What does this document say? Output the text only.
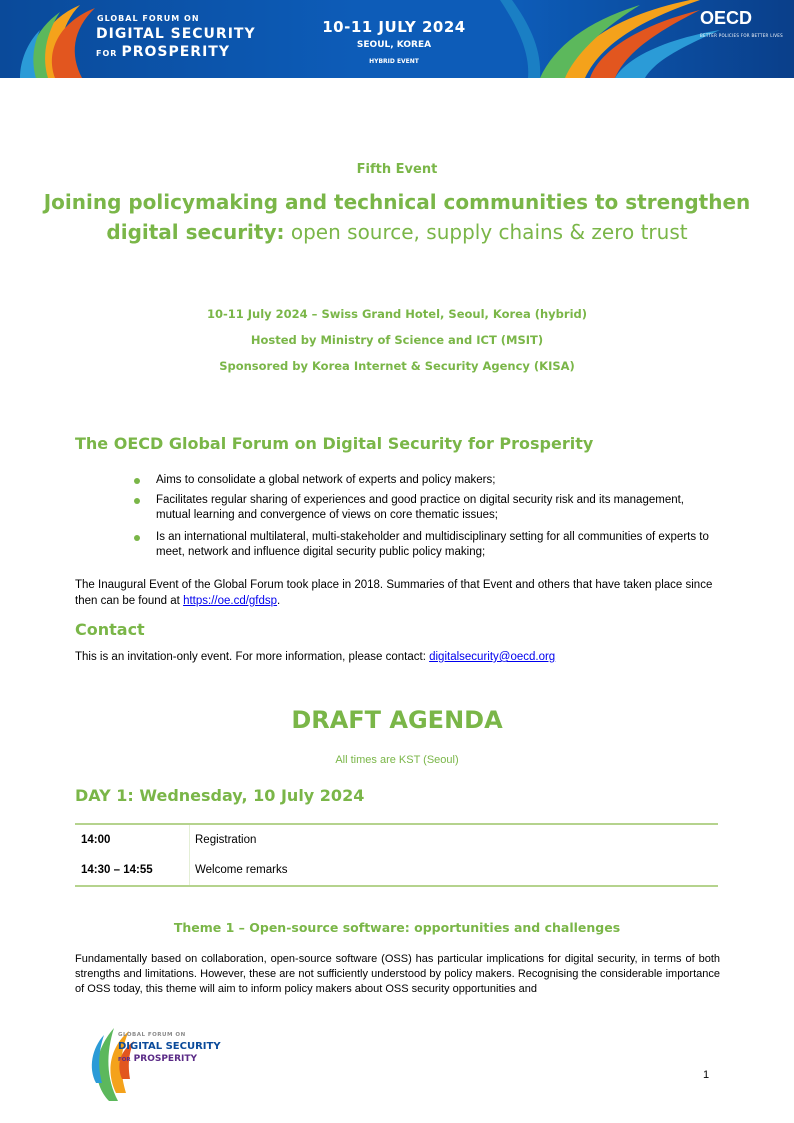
GLOBAL FORUM ON
DIGITAL SECURITY
FOR PROSPERITY
10-11 JULY 2024
SEOUL, KOREA
HYBRID EVENT
OECD
BETTER POLICIES FOR BETTER LIVES
Fifth Event
Joining policymaking and technical communities to strengthen
digital security: open source, supply chains & zero trust
10-11 July 2024 – Swiss Grand Hotel, Seoul, Korea (hybrid)
Hosted by Ministry of Science and ICT (MSIT)
Sponsored by Korea Internet & Security Agency (KISA)
The OECD Global Forum on Digital Security for Prosperity
Aims to consolidate a global network of experts and policy makers;
Facilitates regular sharing of experiences and good practice on digital security risk and its management, mutual learning and convergence of views on core thematic issues;
Is an international multilateral, multi-stakeholder and multidisciplinary setting for all communities of experts to meet, network and influence digital security public policy making;
The Inaugural Event of the Global Forum took place in 2018. Summaries of that Event and others that have taken place since then can be found at https://oe.cd/gfdsp.
Contact
This is an invitation-only event. For more information, please contact: digitalsecurity@oecd.org
DRAFT AGENDA
All times are KST (Seoul)
DAY 1: Wednesday, 10 July 2024
14:00	Registration
14:30 – 14:55	Welcome remarks
Theme 1 – Open-source software: opportunities and challenges
Fundamentally based on collaboration, open-source software (OSS) has particular implications for digital security, in terms of both strengths and limitations. However, these are not sufficiently understood by policy makers. Recognising the considerable importance of OSS today, this theme will aim to inform policy makers about OSS security opportunities and
GLOBAL FORUM ON
DIGITAL SECURITY
FOR PROSPERITY
1
